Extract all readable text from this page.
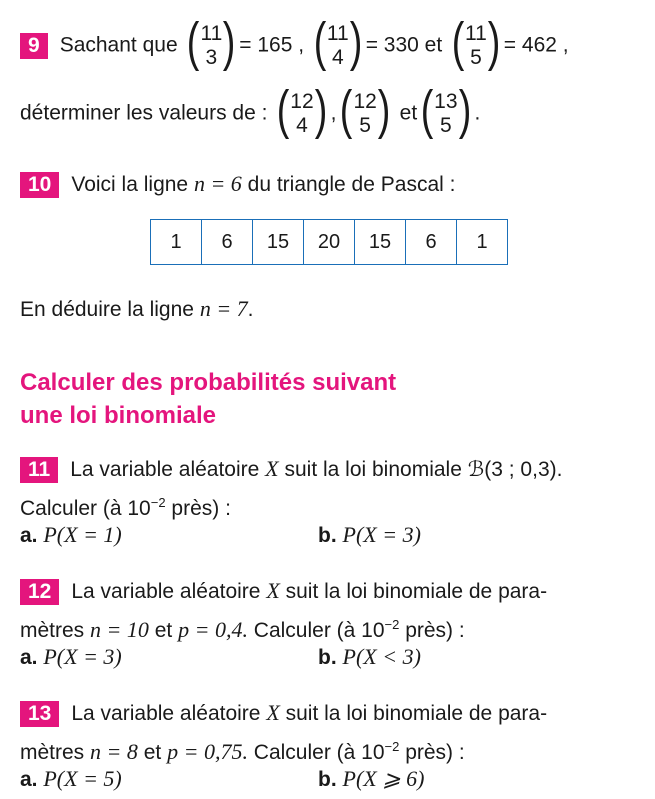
9 Sachant que ( 11
3 ) = 165 , ( 11
4 ) = 330 et ( 11
5 ) = 462 ,
déterminer les valeurs de : ( 12
4 ) , ( 12
5 ) et ( 13
5 ) .
10 Voici la ligne n = 6 du triangle de Pascal :
1	6	15	20	15	6	1
En déduire la ligne n = 7.
Calculer des probabilités suivant
une loi binomiale
11 La variable aléatoire X suit la loi binomiale ℬ(3 ; 0,3).
Calculer (à $10^{-2}$ près) :
a. P(X = 1)	b. P(X = 3)
12 La variable aléatoire X suit la loi binomiale de para-
mètres n = 10 et p = 0,4. Calculer (à $10^{-2}$ près) :
a. P(X = 3)	b. P(X < 3)
13 La variable aléatoire X suit la loi binomiale de para-
mètres n = 8 et p = 0,75. Calculer (à $10^{-2}$ près) :
a. P(X = 5)	b. P(X ⩾ 6)
